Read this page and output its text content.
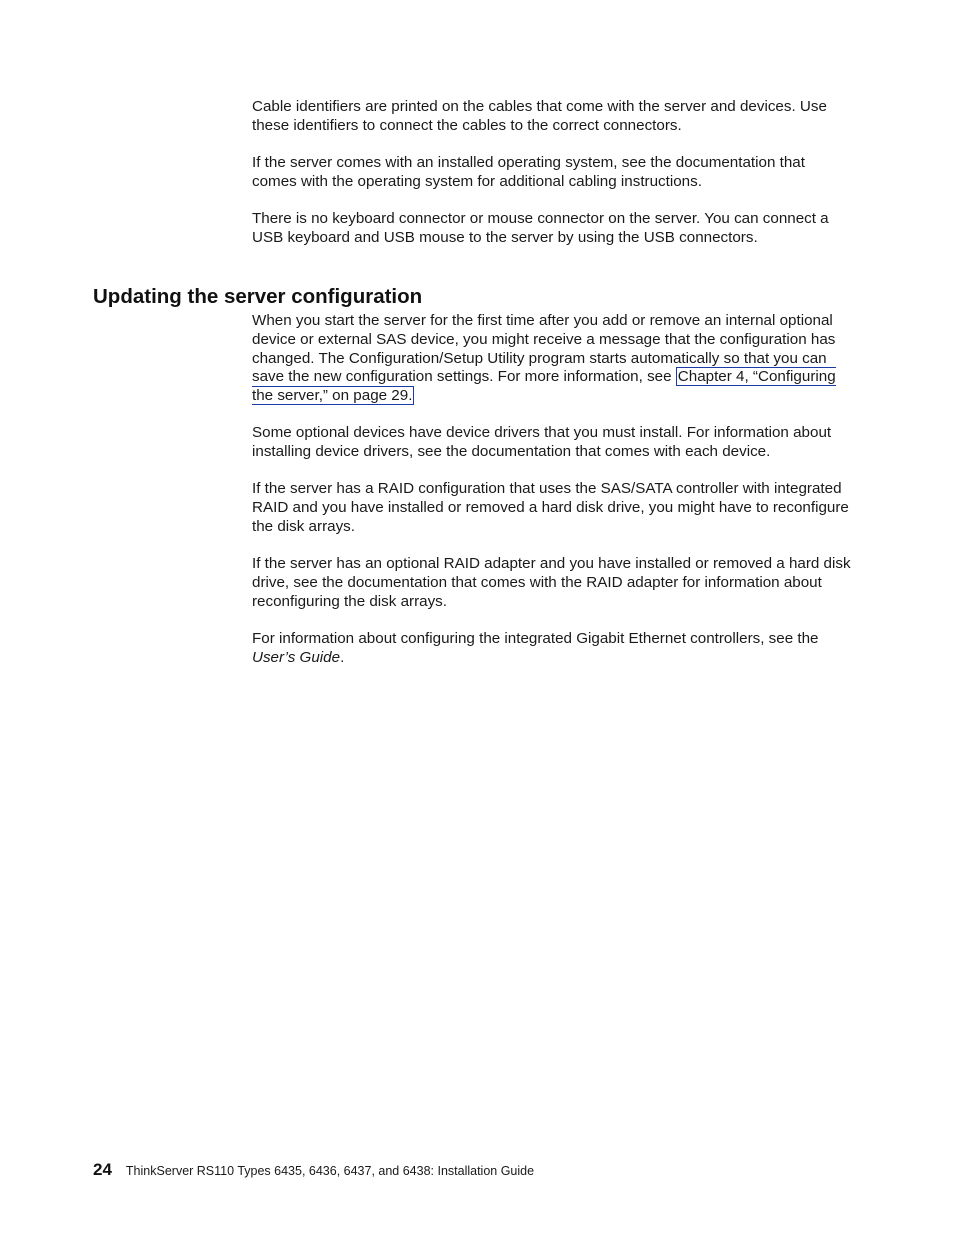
Cable identifiers are printed on the cables that come with the server and devices. Use these identifiers to connect the cables to the correct connectors.

If the server comes with an installed operating system, see the documentation that comes with the operating system for additional cabling instructions.

There is no keyboard connector or mouse connector on the server. You can connect a USB keyboard and USB mouse to the server by using the USB connectors.

Updating the server configuration

When you start the server for the first time after you add or remove an internal optional device or external SAS device, you might receive a message that the configuration has changed. The Configuration/Setup Utility program starts automatically so that you can save the new configuration settings. For more information, see Chapter 4, “Configuring the server,” on page 29.

Some optional devices have device drivers that you must install. For information about installing device drivers, see the documentation that comes with each device.

If the server has a RAID configuration that uses the SAS/SATA controller with integrated RAID and you have installed or removed a hard disk drive, you might have to reconfigure the disk arrays.

If the server has an optional RAID adapter and you have installed or removed a hard disk drive, see the documentation that comes with the RAID adapter for information about reconfiguring the disk arrays.

For information about configuring the integrated Gigabit Ethernet controllers, see the User’s Guide.

24 ThinkServer RS110 Types 6435, 6436, 6437, and 6438: Installation Guide
